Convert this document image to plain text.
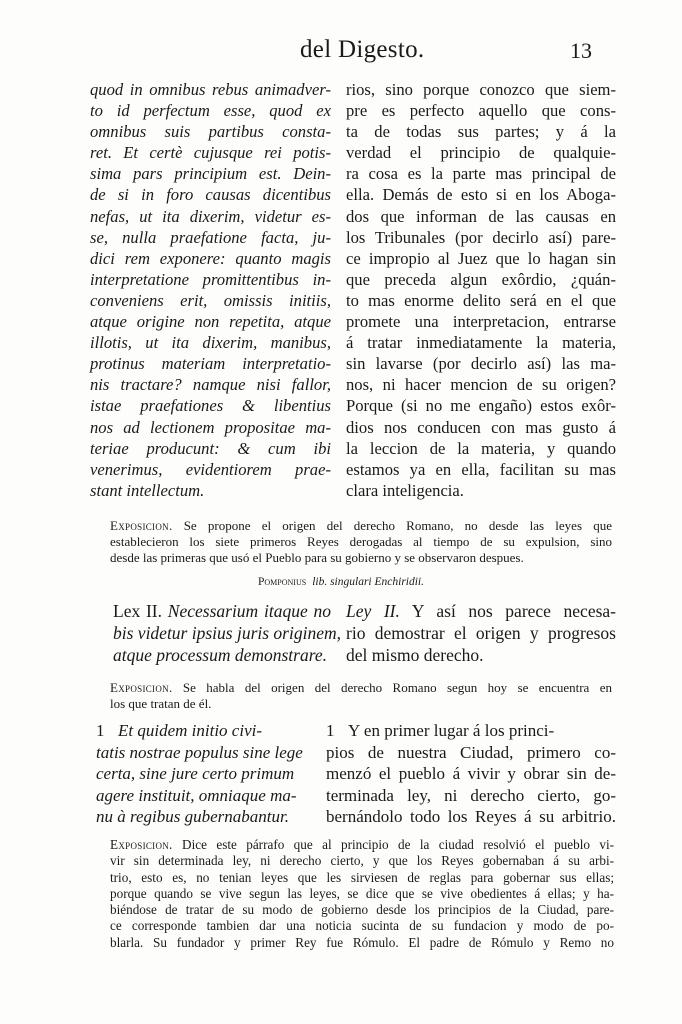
del Digesto.	13
quod in omnibus rebus animadver-
to id perfectum esse, quod ex
omnibus suis partibus consta-
ret. Et certè cujusque rei potis-
sima pars principium est. Dein-
de si in foro causas dicentibus
nefas, ut ita dixerim, videtur es-
se, nulla praefatione facta, ju-
dici rem exponere: quanto magis
interpretatione promittentibus in-
conveniens erit, omissis initiis,
atque origine non repetita, atque
illotis, ut ita dixerim, manibus,
protinus materiam interpretatio-
nis tractare? namque nisi fallor,
istae praefationes & libentius
nos ad lectionem propositae ma-
teriae producunt: & cum ibi
venerimus, evidentiorem prae-
stant intellectum.
rios, sino porque conozco que siem-
pre es perfecto aquello que cons-
ta de todas sus partes; y á la
verdad el principio de qualquie-
ra cosa es la parte mas principal de
ella. Demás de esto si en los Aboga-
dos que informan de las causas en
los Tribunales (por decirlo así) pare-
ce impropio al Juez que lo hagan sin
que preceda algun exôrdio, ¿quán-
to mas enorme delito será en el que
promete una interpretacion, entrarse
á tratar inmediatamente la materia,
sin lavarse (por decirlo así) las ma-
nos, ni hacer mencion de su origen?
Porque (si no me engaño) estos exôr-
dios nos conducen con mas gusto á
la leccion de la materia, y quando
estamos ya en ella, facilitan su mas
clara inteligencia.
Exposicion. Se propone el origen del derecho Romano, no desde las leyes que
establecieron los siete primeros Reyes derogadas al tiempo de su expulsion, sino
desde las primeras que usó el Pueblo para su gobierno y se observaron despues.
Pomponius lib. singulari Enchiridii.
Lex II. Necessarium itaque no
bis videtur ipsius juris originem,
atque processum demonstrare.
Ley II. Y así nos parece necesa-
rio demostrar el origen y progresos
del mismo derecho.
Exposicion. Se habla del origen del derecho Romano segun hoy se encuentra en
los que tratan de él.
1 Et quidem initio civi-
tatis nostrae populus sine lege
certa, sine jure certo primum
agere instituit, omniaque ma-
nu à regibus gubernabantur.
1 Y en primer lugar á los princi-
pios de nuestra Ciudad, primero co-
menzó el pueblo á vivir y obrar sin de-
terminada ley, ni derecho cierto, go-
bernándolo todo los Reyes á su arbitrio.
Exposicion. Dice este párrafo que al principio de la ciudad resolvió el pueblo vi-
vir sin determinada ley, ni derecho cierto, y que los Reyes gobernaban á su arbi-
trio, esto es, no tenian leyes que les sirviesen de reglas para gobernar sus ellas;
porque quando se vive segun las leyes, se dice que se vive obedientes á ellas; y ha-
biéndose de tratar de su modo de gobierno desde los principios de la Ciudad, pare-
ce corresponde tambien dar una noticia sucinta de su fundacion y modo de po-
blarla. Su fundador y primer Rey fue Rómulo. El padre de Rómulo y Remo no
